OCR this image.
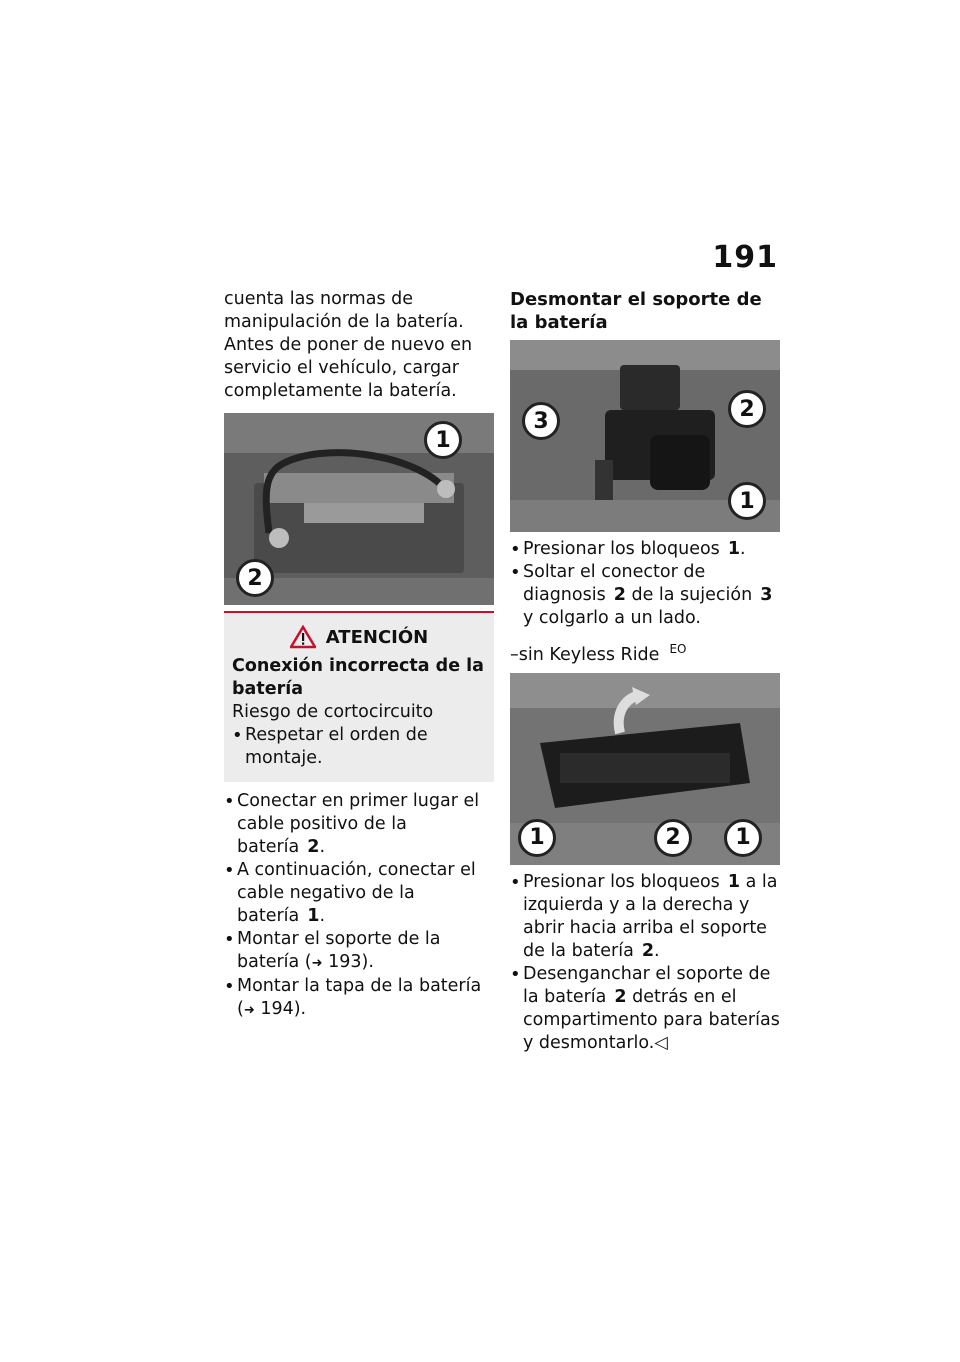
191

cuenta las normas de manipulación de la batería. Antes de poner de nuevo en servicio el vehículo, cargar completamente la batería.

1
2
ATENCIÓN
Conexión incorrecta de la batería
Riesgo de cortocircuito
• Respetar el orden de montaje.
• Conectar en primer lugar el cable positivo de la batería 2.
• A continuación, conectar el cable negativo de la batería 1.
• Montar el soporte de la batería (➜ 193).
• Montar la tapa de la batería (➜ 194).
Desmontar el soporte de la batería
3	2
1
• Presionar los bloqueos 1.
• Soltar el conector de diagnosis 2 de la sujeción 3 y colgarlo a un lado.
–sin Keyless Ride $^{EO}$
1	2	1
• Presionar los bloqueos 1 a la izquierda y a la derecha y abrir hacia arriba el soporte de la batería 2.
• Desenganchar el soporte de la batería 2 detrás en el compartimento para baterías y desmontarlo.◁
